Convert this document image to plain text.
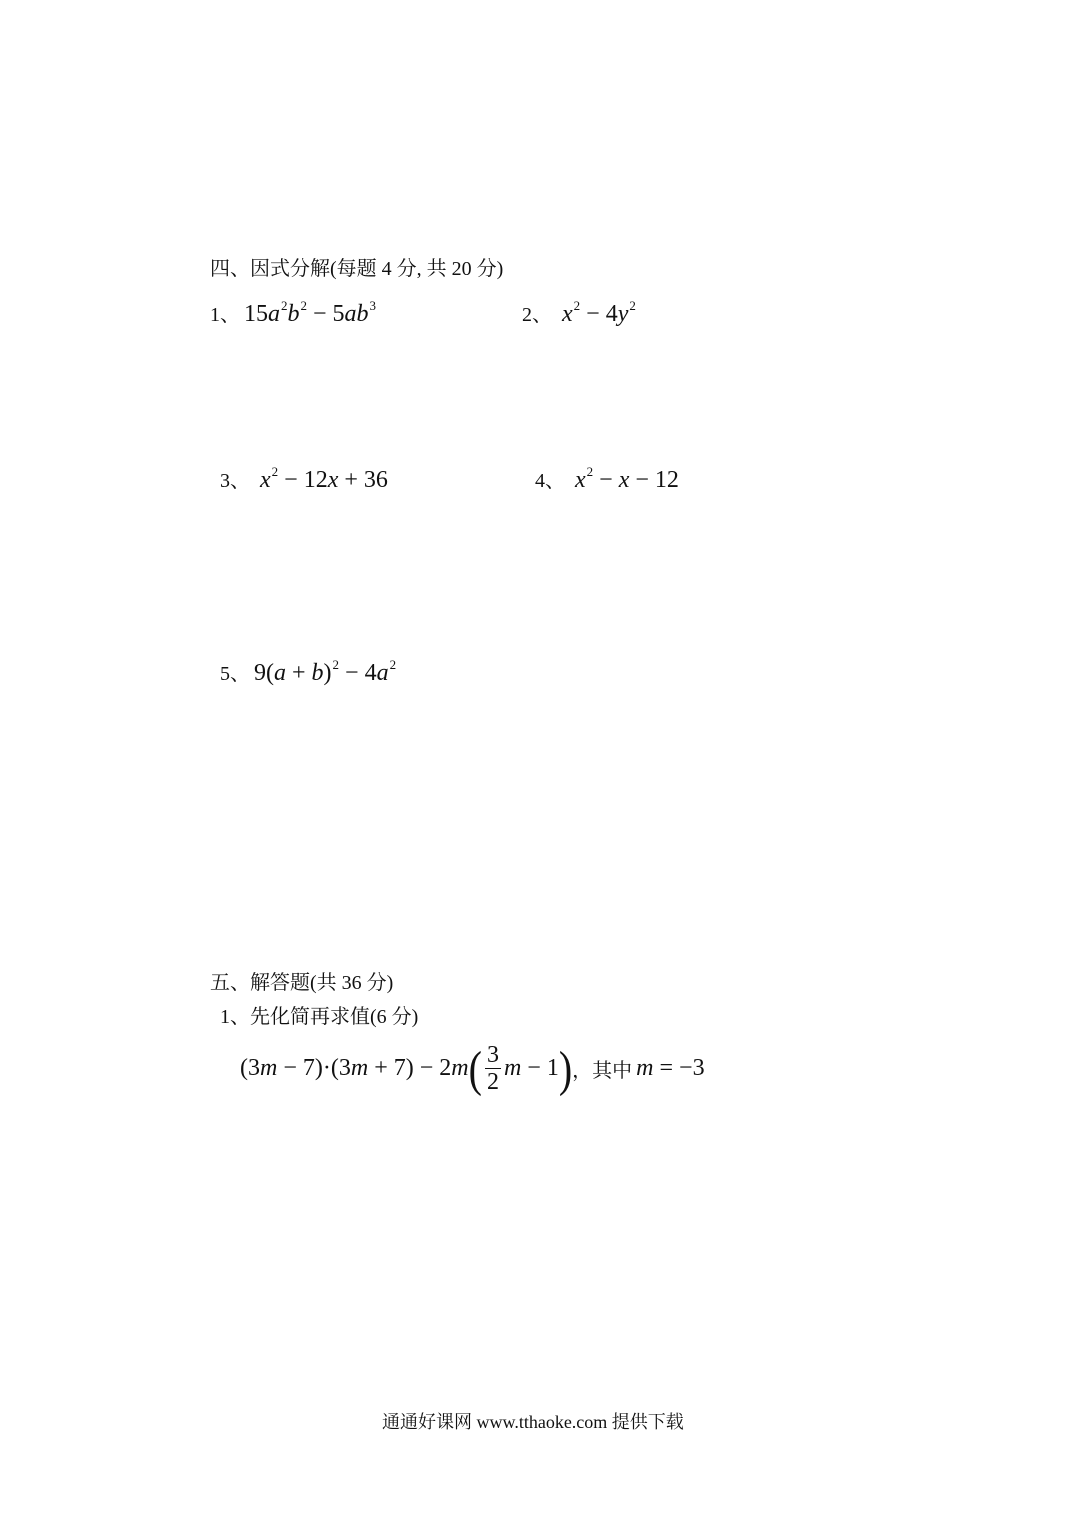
四、因式分解(每题 4 分, 共 20 分)
1、 $15a^2b^2 - 5ab^3$	2、 $x^2 - 4y^2$
3、 $x^2 - 12x + 36$	4、 $x^2 - x - 12$
5、 $9(a + b)^2 - 4a^2$
五、解答题(共 36 分)
1、先化简再求值(6 分)
(3m − 7)·(3m + 7) − 2m ( $\frac{3}{2}$ m − 1 ) ，其中 m = −3
通通好课网 www.tthaoke.com 提供下载
